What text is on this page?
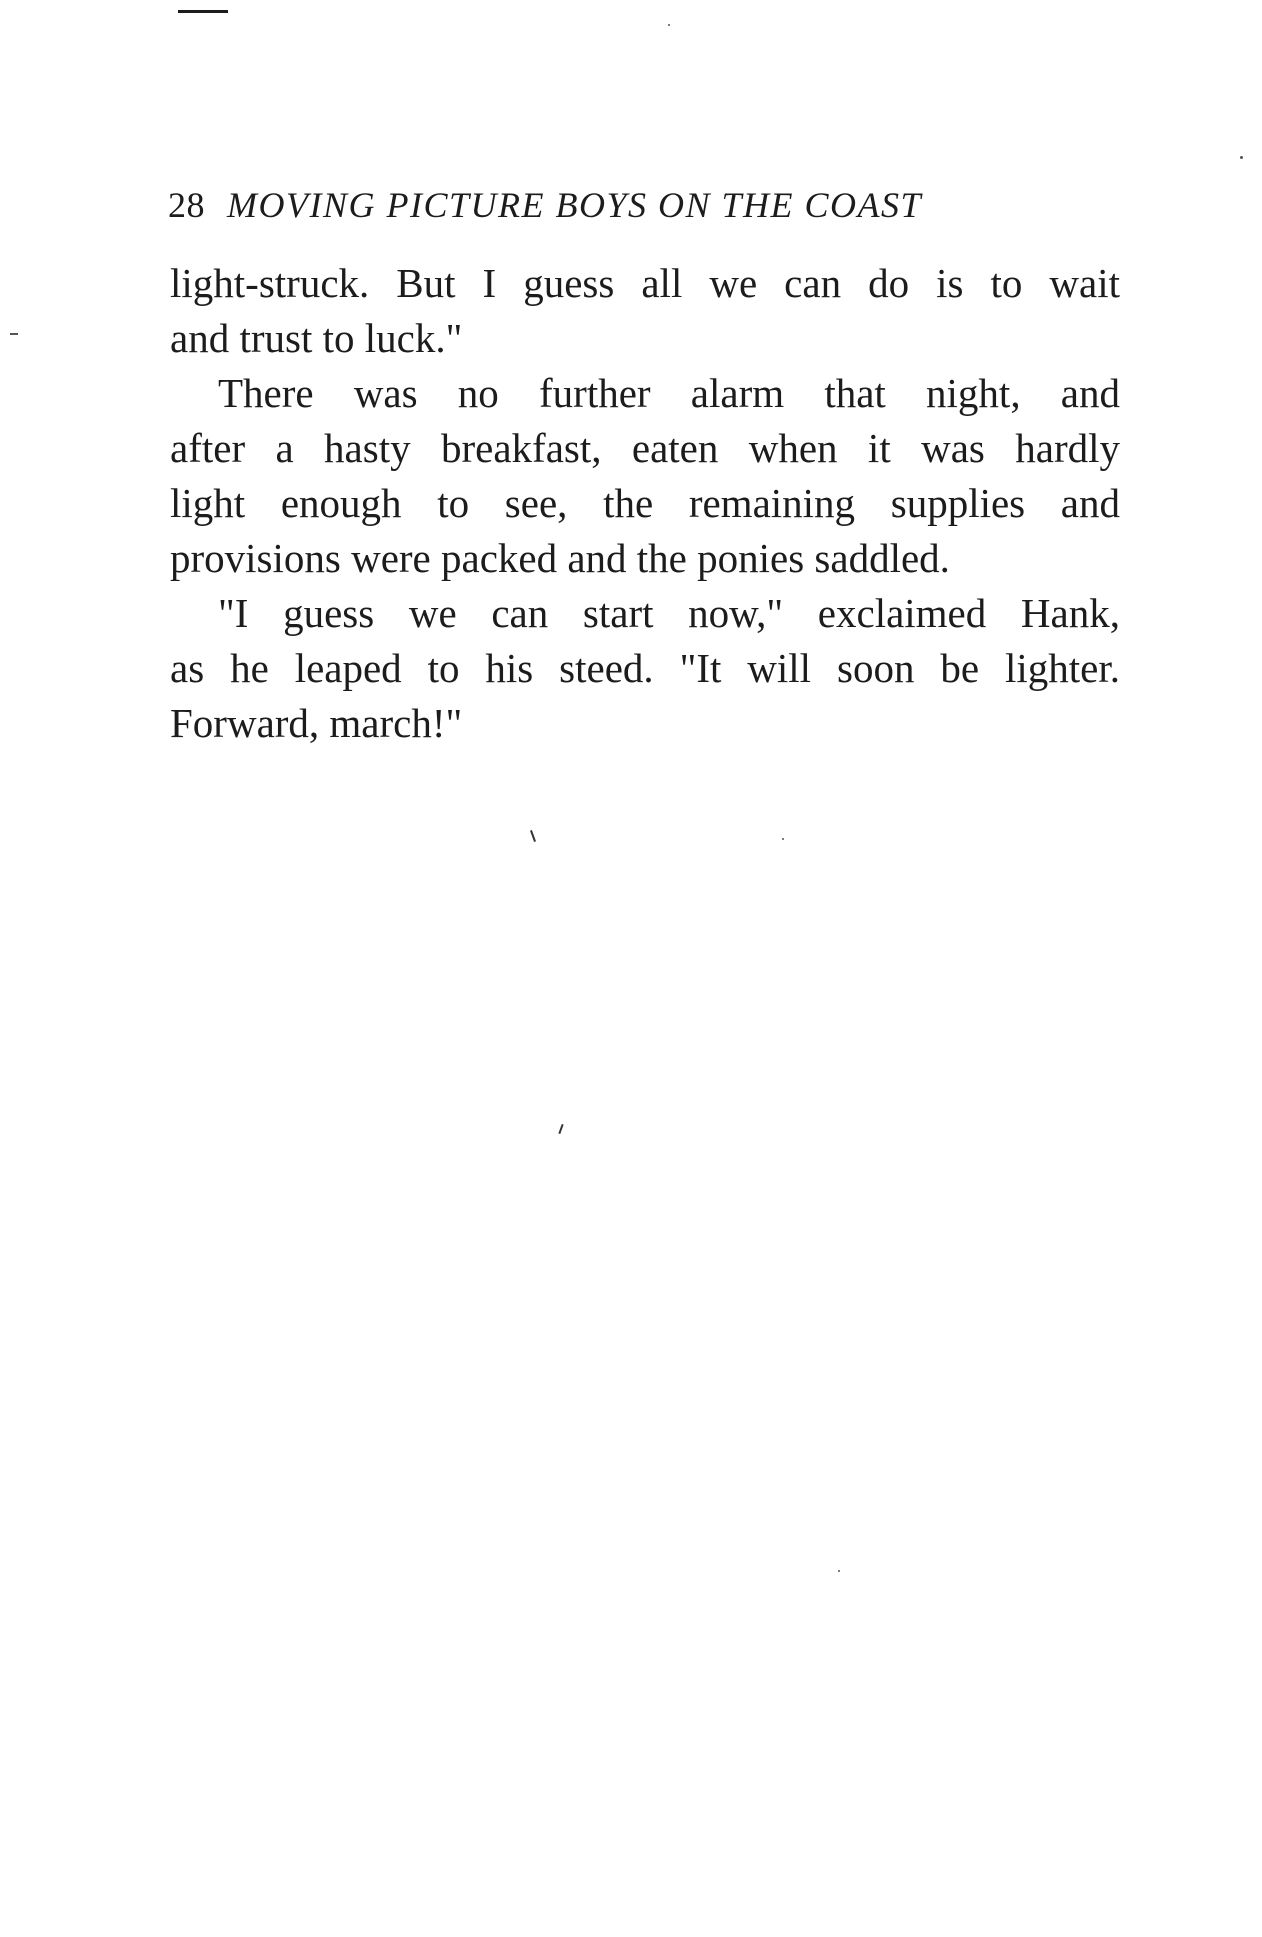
28 MOVING PICTURE BOYS ON THE COAST

light-struck. But I guess all we can do is to wait
and trust to luck."

There was no further alarm that night, and
after a hasty breakfast, eaten when it was hardly
light enough to see, the remaining supplies and
provisions were packed and the ponies saddled.

"I guess we can start now," exclaimed Hank,
as he leaped to his steed. "It will soon be lighter.
Forward, march!"
